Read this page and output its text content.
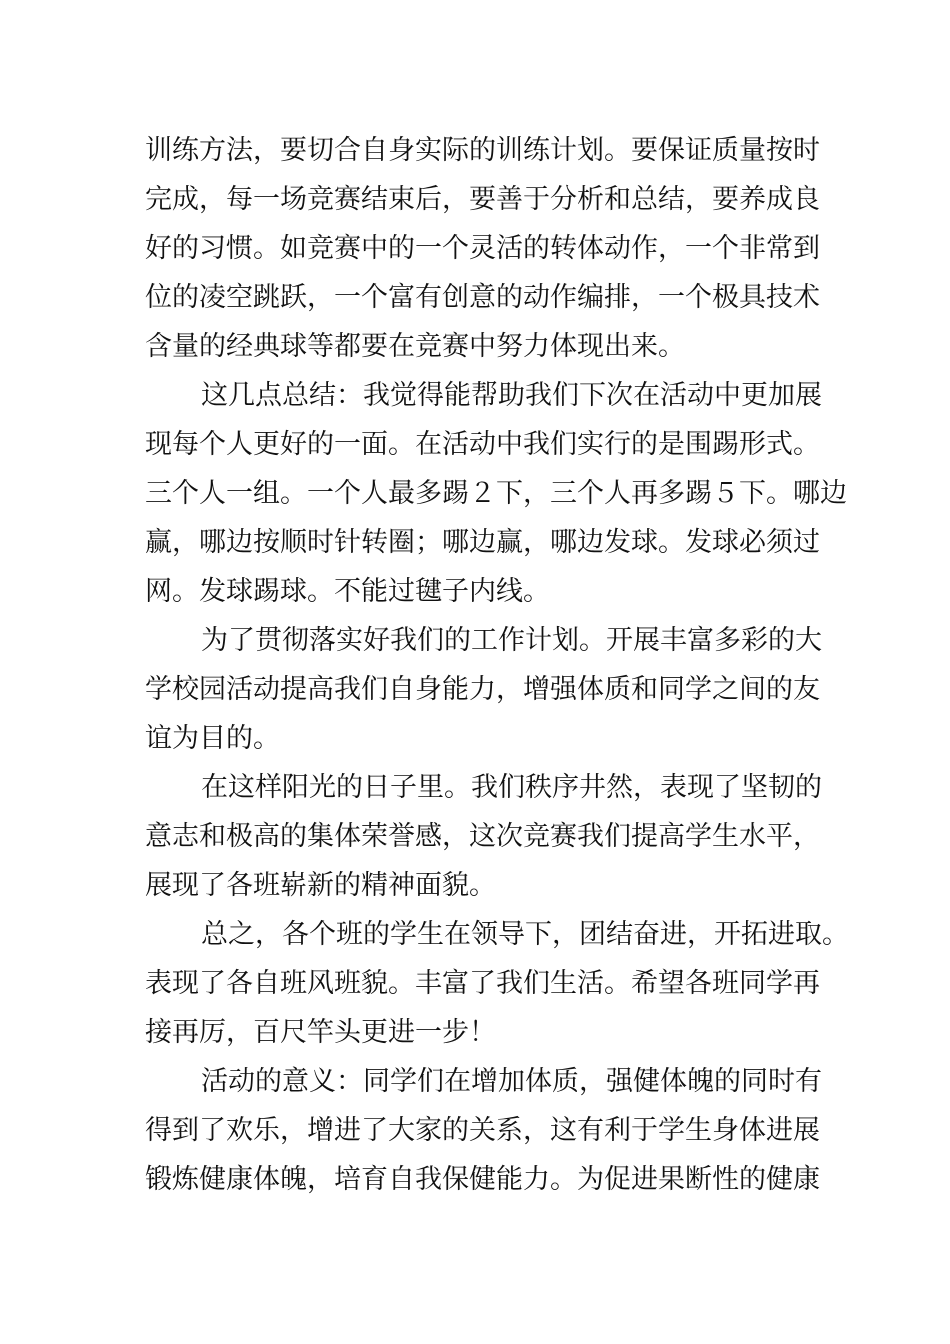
训练方法，要切合自身实际的训练计划。要保证质量按时
完成，每一场竞赛结束后，要善于分析和总结，要养成良
好的习惯。如竞赛中的一个灵活的转体动作，一个非常到
位的凌空跳跃，一个富有创意的动作编排，一个极具技术
含量的经典球等都要在竞赛中努力体现出来。
这几点总结：我觉得能帮助我们下次在活动中更加展
现每个人更好的一面。在活动中我们实行的是围踢形式。
三个人一组。一个人最多踢２下，三个人再多踢５下。哪边
赢，哪边按顺时针转圈；哪边赢，哪边发球。发球必须过
网。发球踢球。不能过毽子内线。
为了贯彻落实好我们的工作计划。开展丰富多彩的大
学校园活动提高我们自身能力，增强体质和同学之间的友
谊为目的。
在这样阳光的日子里。我们秩序井然，表现了坚韧的
意志和极高的集体荣誉感，这次竞赛我们提高学生水平，
展现了各班崭新的精神面貌。
总之，各个班的学生在领导下，团结奋进，开拓进取。
表现了各自班风班貌。丰富了我们生活。希望各班同学再
接再厉，百尺竿头更进一步！
活动的意义：同学们在增加体质，强健体魄的同时有
得到了欢乐，增进了大家的关系，这有利于学生身体进展
锻炼健康体魄，培育自我保健能力。为促进果断性的健康
